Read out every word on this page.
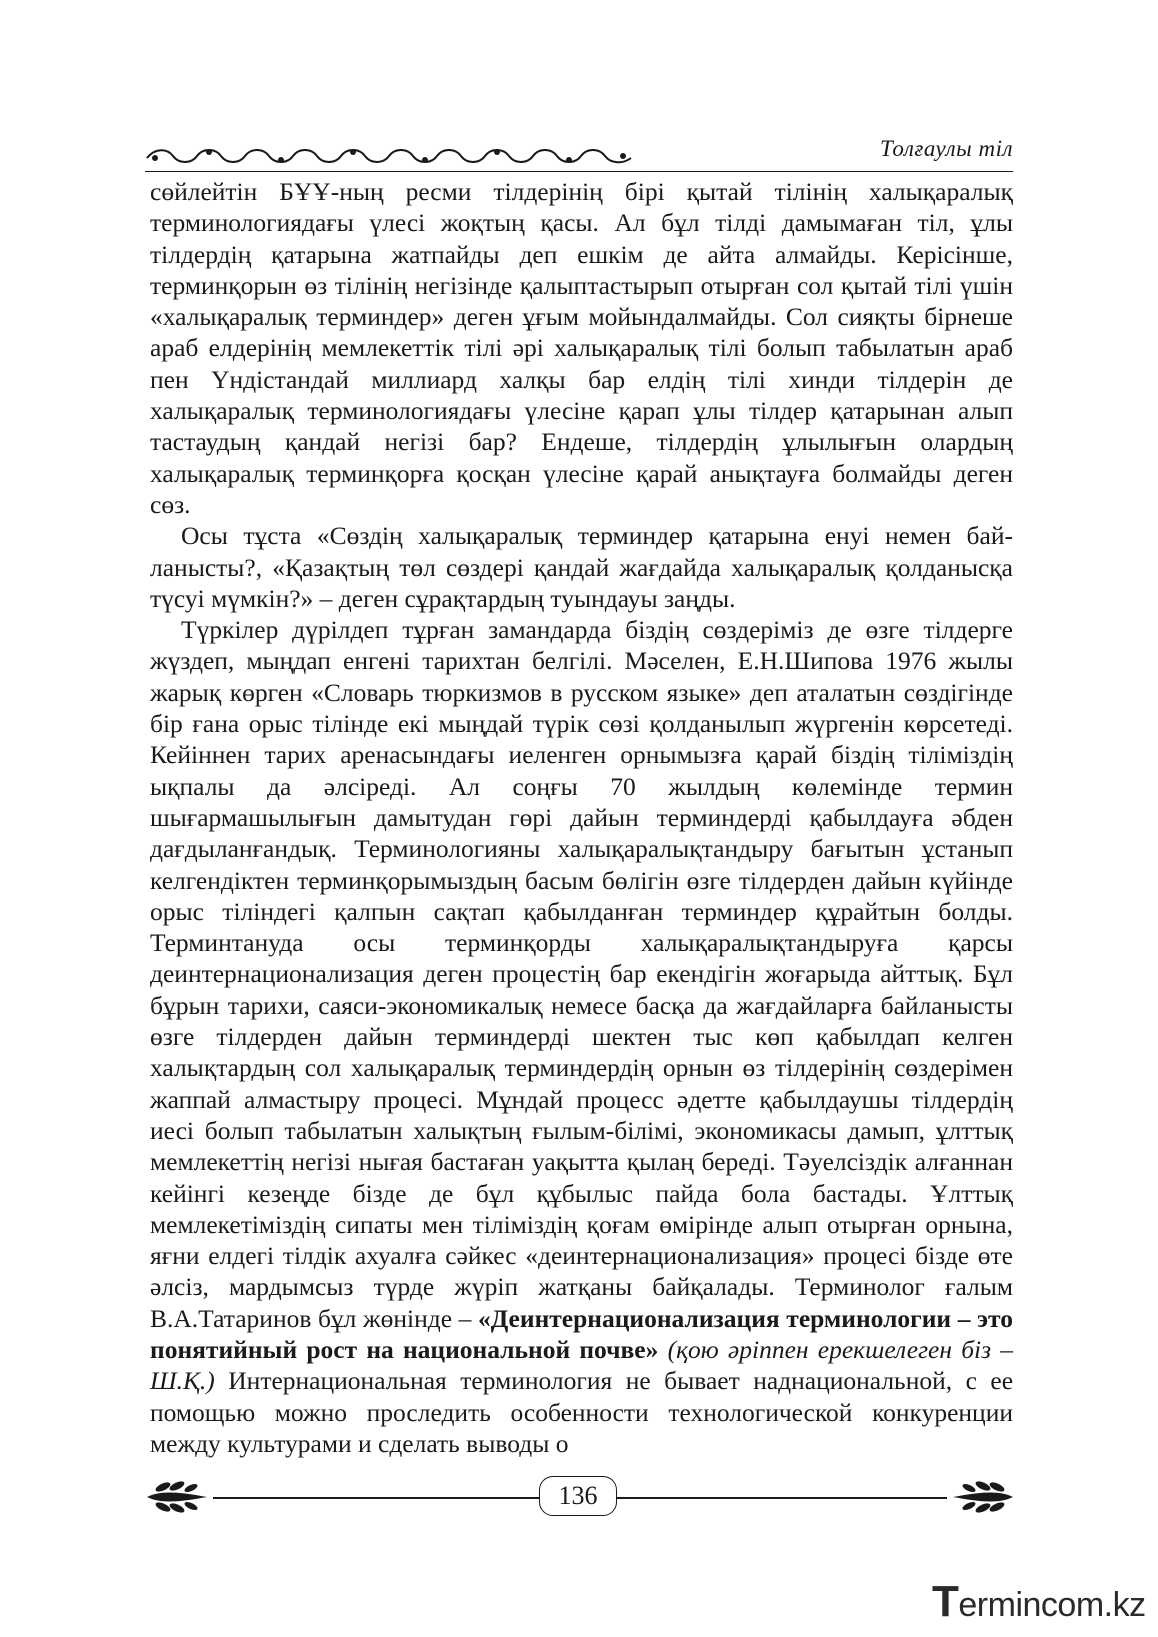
Толғаулы тіл

сөйлейтін БҰҰ-ның ресми тілдерінің бірі қытай тілінің халықаралық терминологиядағы үлесі жоқтың қасы. Ал бұл тілді дамымаған тіл, ұлы тілдердің қатарына жатпайды деп ешкім де айта алмайды. Керісінше, терминқорын өз тілінің негізінде қалыптастырып отырған сол қытай тілі үшін «халықаралық терминдер» деген ұғым мойындалмайды. Сол сияқты бірнеше араб елдерінің мемлекеттік тілі әрі халықаралық тілі болып табылатын араб пен Үндістандай миллиард халқы бар елдің тілі хинди тілдерін де халықаралық терминологиядағы үлесіне қарап ұлы тілдер қатарынан алып тастаудың қандай негізі бар? Ендеше, тілдердің ұлылығын олардың халықаралық терминқорға қосқан үлесіне қарай анықтауға болмайды деген сөз.

Осы тұста «Сөздің халықаралық терминдер қатарына енуі немен байланысты?, «Қазақтың төл сөздері қандай жағдайда халықаралық қолданысқа түсуі мүмкін?» – деген сұрақтардың туындауы заңды.

Түркілер дүрілдеп тұрған замандарда біздің сөздеріміз де өзге тілдерге жүздеп, мыңдап енгені тарихтан белгілі. Мәселен, Е.Н.Шипова 1976 жылы жарық көрген «Словарь тюркизмов в русском языке» деп аталатын сөздігінде бір ғана орыс тілінде екі мыңдай түрік сөзі қолданылып жүргенін көрсетеді. Кейіннен тарих аренасындағы иеленген орнымызға қарай біздің тіліміздің ықпалы да әлсіреді. Ал соңғы 70 жылдың көлемінде термин шығармашылығын дамытудан гөрі дайын терминдерді қабылдауға әбден дағдыланғандық. Терминологияны халықаралықтандыру бағытын ұстанып келгендіктен терминқорымыздың басым бөлігін өзге тілдерден дайын күйінде орыс тіліндегі қалпын сақтап қабылданған терминдер құрайтын болды. Терминтануда осы терминқорды халықаралықтандыруға қарсы деинтернационализация деген процестің бар екендігін жоғарыда айттық. Бұл бұрын тарихи, саяси-экономикалық немесе басқа да жағдайларға байланысты өзге тілдерден дайын терминдерді шектен тыс көп қабылдап келген халықтардың сол халықаралық терминдердің орнын өз тілдерінің сөздерімен жаппай алмастыру процесі. Мұндай процесс әдетте қабылдаушы тілдердің иесі болып табылатын халықтың ғылым-білімі, экономикасы дамып, ұлттық мемлекеттің негізі нығая бастаған уақытта қылаң береді. Тәуелсіздік алғаннан кейінгі кезеңде бізде де бұл құбылыс пайда бола бастады. Ұлттық мемлекетіміздің сипаты мен тіліміздің қоғам өмірінде алып отырған орнына, яғни елдегі тілдік ахуалға сәйкес «деинтернационализация» процесі бізде өте әлсіз, мардымсыз түрде жүріп жатқаны байқалады. Терминолог ғалым В.А.Татаринов бұл жөнінде – «Деинтернационализация терминологии – это понятийный рост на национальной почве» (қою әріппен ерекшелеген біз – Ш.Қ.) Интернациональная терминология не бывает наднациональной, с ее помощью можно проследить особенности технологической конкуренции между культурами и сделать выводы о

136
Termincom.kz
